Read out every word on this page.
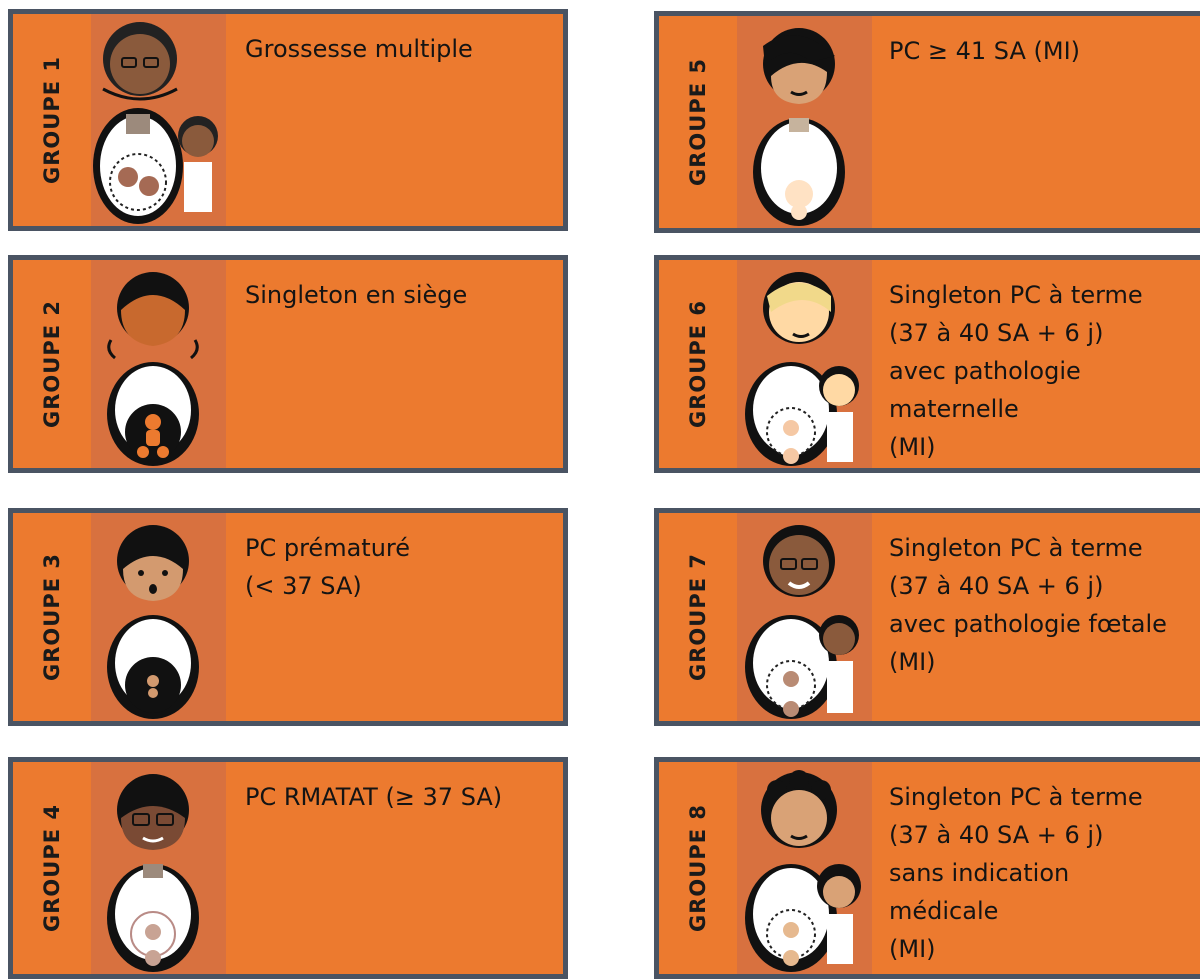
GROUPE 1
Grossesse multiple
GROUPE 2
Singleton en siège
GROUPE 3
PC prématuré
(< 37 SA)
GROUPE 4
PC RMATAT (≥ 37 SA)
GROUPE 5
PC ≥ 41 SA (MI)
GROUPE 6
Singleton PC à terme
(37 à 40 SA + 6 j)
avec pathologie
maternelle
(MI)
GROUPE 7
Singleton PC à terme
(37 à 40 SA + 6 j)
avec pathologie fœtale
(MI)
GROUPE 8
Singleton PC à terme
(37 à 40 SA + 6 j)
sans indication
médicale
(MI)
